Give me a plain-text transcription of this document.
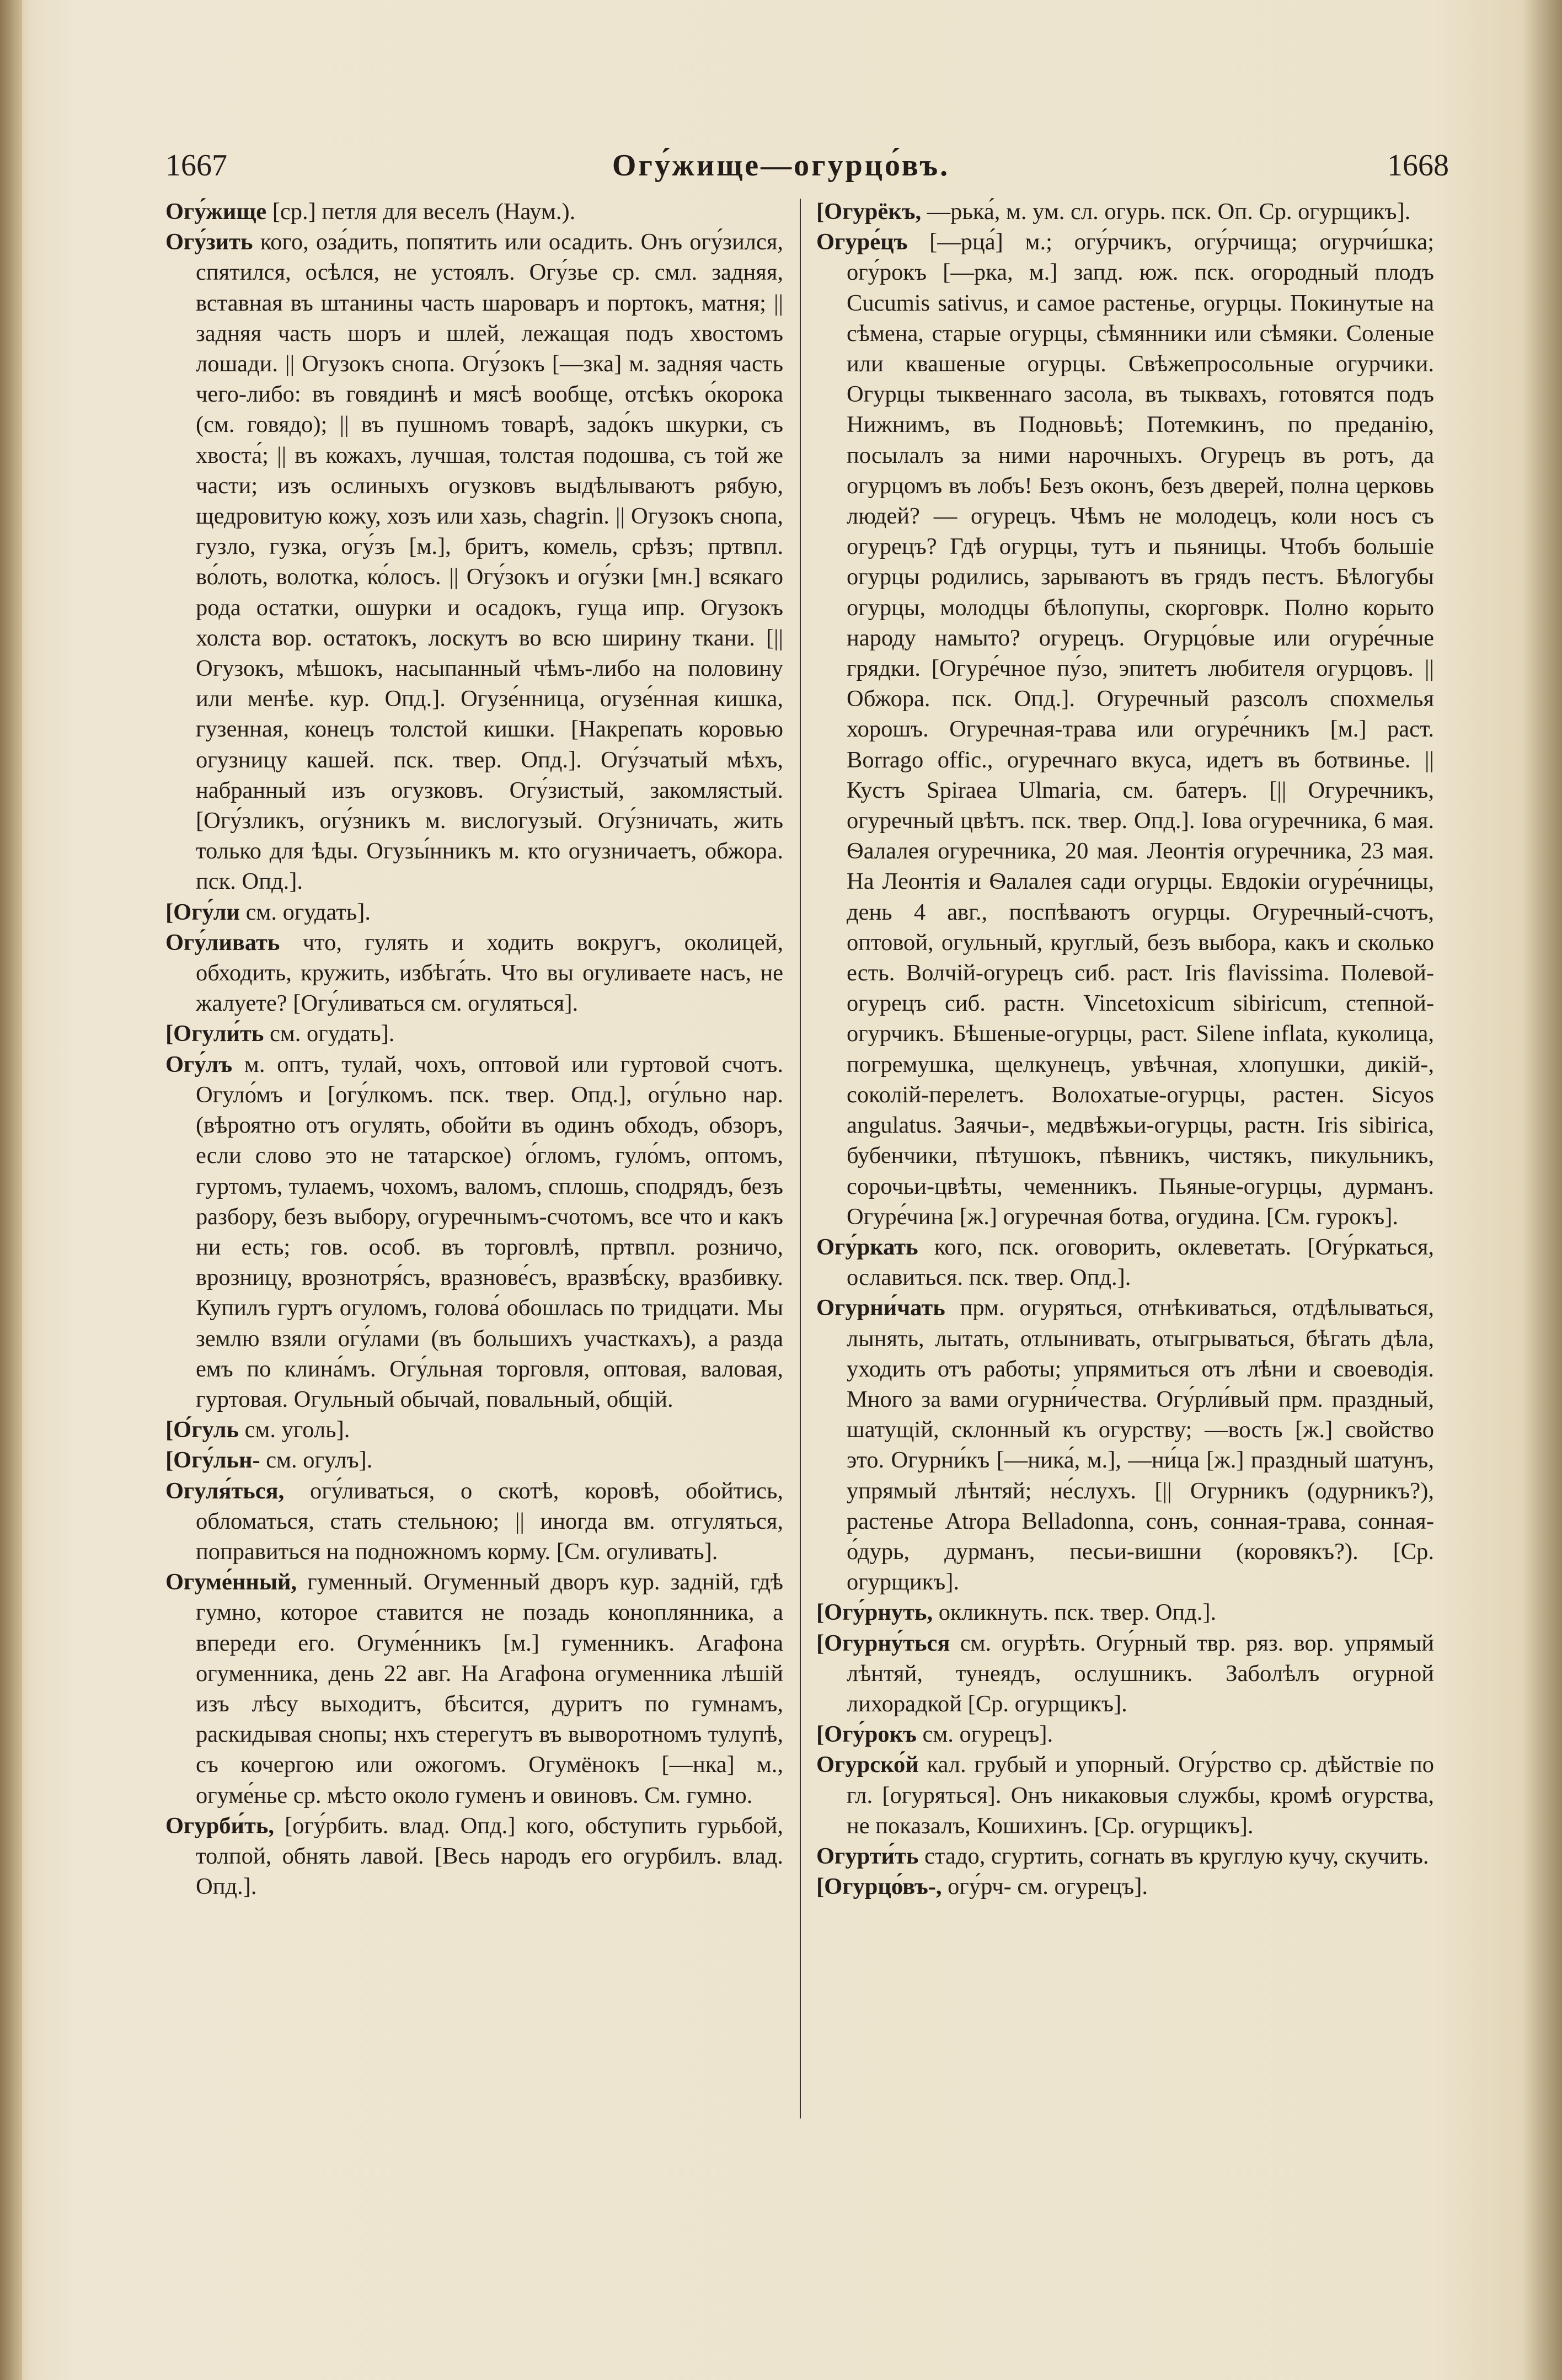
1667	Огу́жище—огурцо́въ.	1668

Огу́жище [ср.] петля для веселъ (Наум.).

Огу́зить кого, оза́дить, попятить или осадить. Онъ огу́зился, спятился, осѣлся, не устоялъ. Огу́зье ср. смл. задняя, вставная въ штанины часть шароваръ и портокъ, матня; || задняя часть шоръ и шлей, лежащая подъ хвостомъ лошади. || Огузокъ снопа. Огу́зокъ [—зка] м. задняя часть чего-либо: въ говядинѣ и мясѣ вообще, отсѣкъ о́корока (см. говядо); || въ пушномъ товарѣ, задо́къ шкурки, съ хвоста́; || въ кожахъ, лучшая, толстая подошва, съ той же части; изъ ослиныхъ огузковъ выдѣлываютъ рябую, щедровитую кожу, хозъ или хазь, chagrin. || Огузокъ снопа, гузло, гузка, огу́зъ [м.], бритъ, комель, срѣзъ; пртвпл. во́лоть, волотка, ко́лосъ. || Огу́зокъ и огу́зки [мн.] всякаго рода остатки, ошурки и осадокъ, гуща ипр. Огузокъ холста вор. остатокъ, лоскутъ во всю ширину ткани. [|| Огузокъ, мѣшокъ, насыпанный чѣмъ-либо на половину или менѣе. кур. Опд.]. Огузе́нница, огузе́нная кишка, гузенная, конецъ толстой кишки. [Накрепать коровью огузницу кашей. пск. твер. Опд.]. Огу́зчатый мѣхъ, набранный изъ огузковъ. Огу́зистый, закомлястый. [Огу́зликъ, огу́зникъ м. вислогузый. Огу́зничать, жить только для ѣды. Огузы́нникъ м. кто огузничаетъ, обжора. пск. Опд.].

[Огу́ли см. огудать].

Огу́ливать что, гулять и ходить вокругъ, околицей, обходить, кружить, избѣга́ть. Что вы огуливаете насъ, не жалуете? [Огу́ливаться см. огуляться].

[Огули́ть см. огудать].

Огу́лъ м. оптъ, тулай, чохъ, оптовой или гуртовой счотъ. Огуло́мъ и [огу́лкомъ. пск. твер. Опд.], огу́льно нар. (вѣроятно отъ огулять, обойти въ одинъ обходъ, обзоръ, если слово это не татарское) о́гломъ, гуло́мъ, оптомъ, гуртомъ, тулаемъ, чохомъ, валомъ, сплошь, сподрядъ, безъ разбору, безъ выбору, огуречнымъ-счотомъ, все что и какъ ни есть; гов. особ. въ торговлѣ, пртвпл. розничо, врозницу, врознотря́съ, вразнове́съ, вразвѣ́ску, вразбивку. Купилъ гуртъ огуломъ, голова́ обошлась по тридцати. Мы землю взяли огу́лами (въ большихъ участкахъ), а разда емъ по клина́мъ. Огу́льная торговля, оптовая, валовая, гуртовая. Огульный обычай, повальный, общій.

[О́гуль см. уголь].

[Огу́льн- см. огулъ].

Огуля́ться, огу́ливаться, о скотѣ, коровѣ, обойтись, обломаться, стать стельною; || иногда вм. отгуляться, поправиться на подножномъ корму. [См. огуливать].

Огуме́нный, гуменный. Огуменный дворъ кур. задній, гдѣ гумно, которое ставится не позадь коноплянника, а впереди его. Огуме́нникъ [м.] гуменникъ. Агафона огуменника, день 22 авг. На Агафона огуменника лѣшій изъ лѣсу выходитъ, бѣсится, дуритъ по гумнамъ, раскидывая снопы; нхъ стерегутъ въ выворотномъ тулупѣ, съ кочергою или ожогомъ. Огумёнокъ [—нка] м., огуме́нье ср. мѣсто около гуменъ и овиновъ. См. гумно.

Огурби́ть, [огу́рбить. влад. Опд.] кого, обступить гурьбой, толпой, обнять лавой. [Весь народъ его огурбилъ. влад. Опд.].

[Огурёкъ, —рька́, м. ум. сл. огурь. пск. Оп. Ср. огурщикъ].

Огуре́цъ [—рца́] м.; огу́рчикъ, огу́рчища; огурчи́шка; огу́рокъ [—рка, м.] запд. юж. пск. огородный плодъ Cucumis sativus, и самое растенье, огурцы. Покинутые на сѣмена, старые огурцы, сѣмянники или сѣмяки. Соленые или квашеные огурцы. Свѣжепросольные огурчики. Огурцы тыквеннаго засола, въ тыквахъ, готовятся подъ Нижнимъ, въ Подновьѣ; Потемкинъ, по преданію, посылалъ за ними нарочныхъ. Огурецъ въ ротъ, да огурцомъ въ лобъ! Безъ оконъ, безъ дверей, полна церковь людей? — огурецъ. Чѣмъ не молодецъ, коли носъ съ огурецъ? Гдѣ огурцы, тутъ и пьяницы. Чтобъ большіе огурцы родились, зарываютъ въ грядъ пестъ. Бѣлогубы огурцы, молодцы бѣлопупы, скорговрк. Полно корыто народу намыто? огурецъ. Огурцо́вые или огуре́чные грядки. [Огуре́чное пу́зо, эпитетъ любителя огурцовъ. || Обжора. пск. Опд.]. Огуречный разсолъ спохмелья хорошъ. Огуречная-трава или огуре́чникъ [м.] раст. Borrago offic., огуречнаго вкуса, идетъ въ ботвинье. || Кустъ Spiraea Ulmaria, см. батеръ. [|| Огуречникъ, огуречный цвѣтъ. пск. твер. Опд.]. Іова огуречника, 6 мая. Ѳалалея огуречника, 20 мая. Леонтія огуречника, 23 мая. На Леонтія и Ѳалалея сади огурцы. Евдокіи огуре́чницы, день 4 авг., поспѣваютъ огурцы. Огуречный-счотъ, оптовой, огульный, круглый, безъ выбора, какъ и сколько есть. Волчій-огурецъ сиб. раст. Iris flavissima. Полевой-огурецъ сиб. растн. Vincetoxicum sibiricum, степной-огурчикъ. Бѣшеные-огурцы, раст. Silene inflata, куколица, погремушка, щелкунецъ, увѣчная, хлопушки, дикій-, соколій-перелетъ. Волохатые-огурцы, растен. Sicyos angulatus. Заячьи-, медвѣжьи-огурцы, растн. Iris sibirica, бубенчики, пѣтушокъ, пѣвникъ, чистякъ, пикульникъ, сорочьи-цвѣты, чеменникъ. Пьяные-огурцы, дурманъ. Огуре́чина [ж.] огуречная ботва, огудина. [См. гурокъ].

Огу́ркать кого, пск. оговорить, оклеветать. [Огу́ркаться, ославиться. пск. твер. Опд.].

Огурни́чать прм. огуряться, отнѣкиваться, отдѣлываться, лынять, лытать, отлынивать, отыгрываться, бѣгать дѣла, уходить отъ работы; упрямиться отъ лѣни и своеводія. Много за вами огурни́чества. Огу́рли́вый прм. праздный, шатущій, склонный къ огурству; —вость [ж.] свойство это. Огурни́къ [—ника́, м.], —ни́ца [ж.] праздный шатунъ, упрямый лѣнтяй; не́слухъ. [|| Огурникъ (одурникъ?), растенье Atropa Belladonna, сонъ, сонная-трава, сонная-о́дурь, дурманъ, песьи-вишни (коровякъ?). [Ср. огурщикъ].

[Огу́рнуть, окликнуть. пск. твер. Опд.].

[Огурну́ться см. огурѣть. Огу́рный твр. ряз. вор. упрямый лѣнтяй, тунеядъ, ослушникъ. Заболѣлъ огурной лихорадкой [Ср. огурщикъ].

[Огу́рокъ см. огурецъ].

Огурско́й кал. грубый и упорный. Огу́рство ср. дѣйствіе по гл. [огуряться]. Онъ никаковыя службы, кромѣ огурства, не показалъ, Кошихинъ. [Ср. огурщикъ].

Огурти́ть стадо, сгуртить, согнать въ круглую кучу, скучить.

[Огурцо́въ-, огу́рч- см. огурецъ].
